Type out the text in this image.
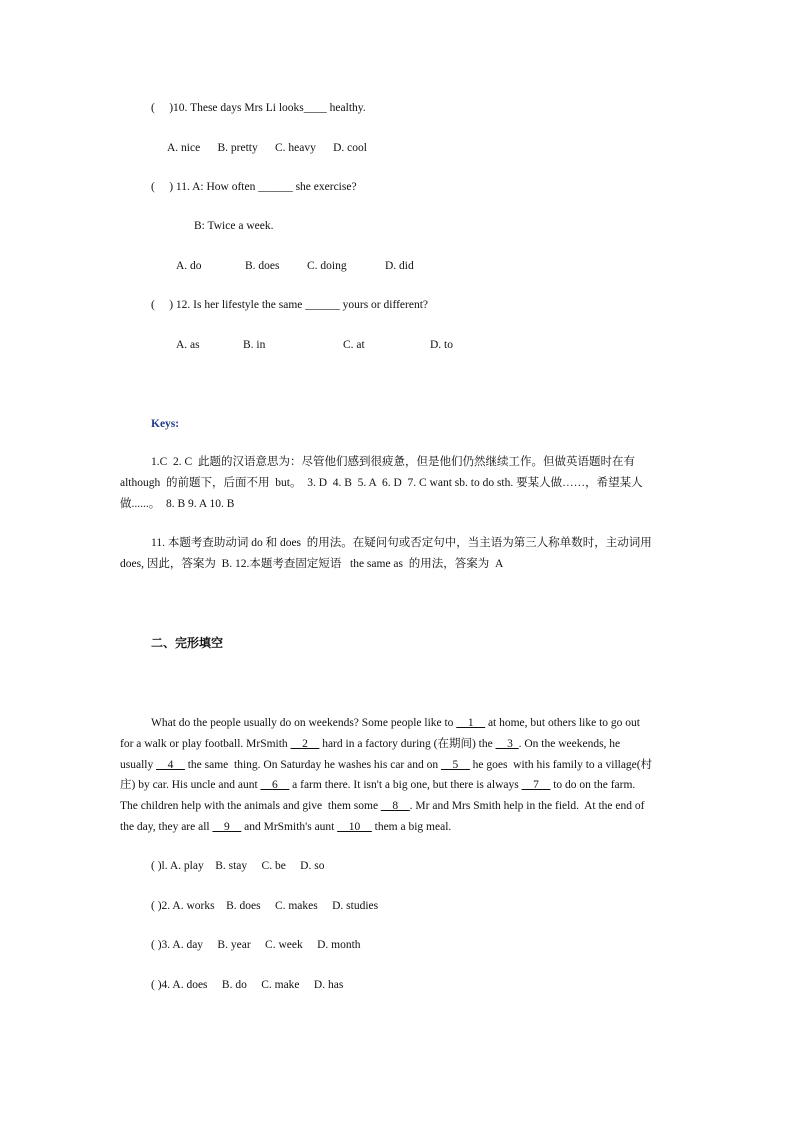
(     )10. These days Mrs Li looks____ healthy.
A. nice      B. pretty      C. heavy      D. cool
(     ) 11. A: How often ______ she exercise?
B: Twice a week.
A. do	B. does C. doing	D. did
(     ) 12. Is her lifestyle the same ______ yours or different?
A. as	B. in	C. at	D. to
Keys:
1.C  2. C  此题的汉语意思为：尽管他们感到很疲惫，但是他们仍然继续工作。但做英语题时在有
although  的前题下，后面不用  but。  3. D  4. B  5. A  6. D  7. C want sb. to do sth. 要某人做……，希望某人
做......。  8. B 9. A 10. B
11. 本题考查助动词 do 和 does  的用法。在疑问句或否定句中，当主语为第三人称单数时，主动词用
does, 因此，答案为  B. 12.本题考查固定短语   the same as  的用法，答案为  A
二、完形填空
What do the people usually do on weekends? Some people like to __1__ at home, but others like to go out
for a walk or play football. MrSmith __2__ hard in a factory during (在期间) the __3_. On the weekends, he
usually __4__ the same  thing. On Saturday he washes his car and on __5__ he goes  with his family to a village(村
庄) by car. His uncle and aunt __6__ a farm there. It isn't a big one, but there is always __7__ to do on the farm.
The children help with the animals and give  them some __8__. Mr and Mrs Smith help in the field.  At the end of
the day, they are all __9__ and MrSmith's aunt __10__ them a big meal.
( )l. A. play    B. stay     C. be     D. so
( )2. A. works    B. does     C. makes     D. studies
( )3. A. day     B. year     C. week     D. month
( )4. A. does     B. do     C. make     D. has
